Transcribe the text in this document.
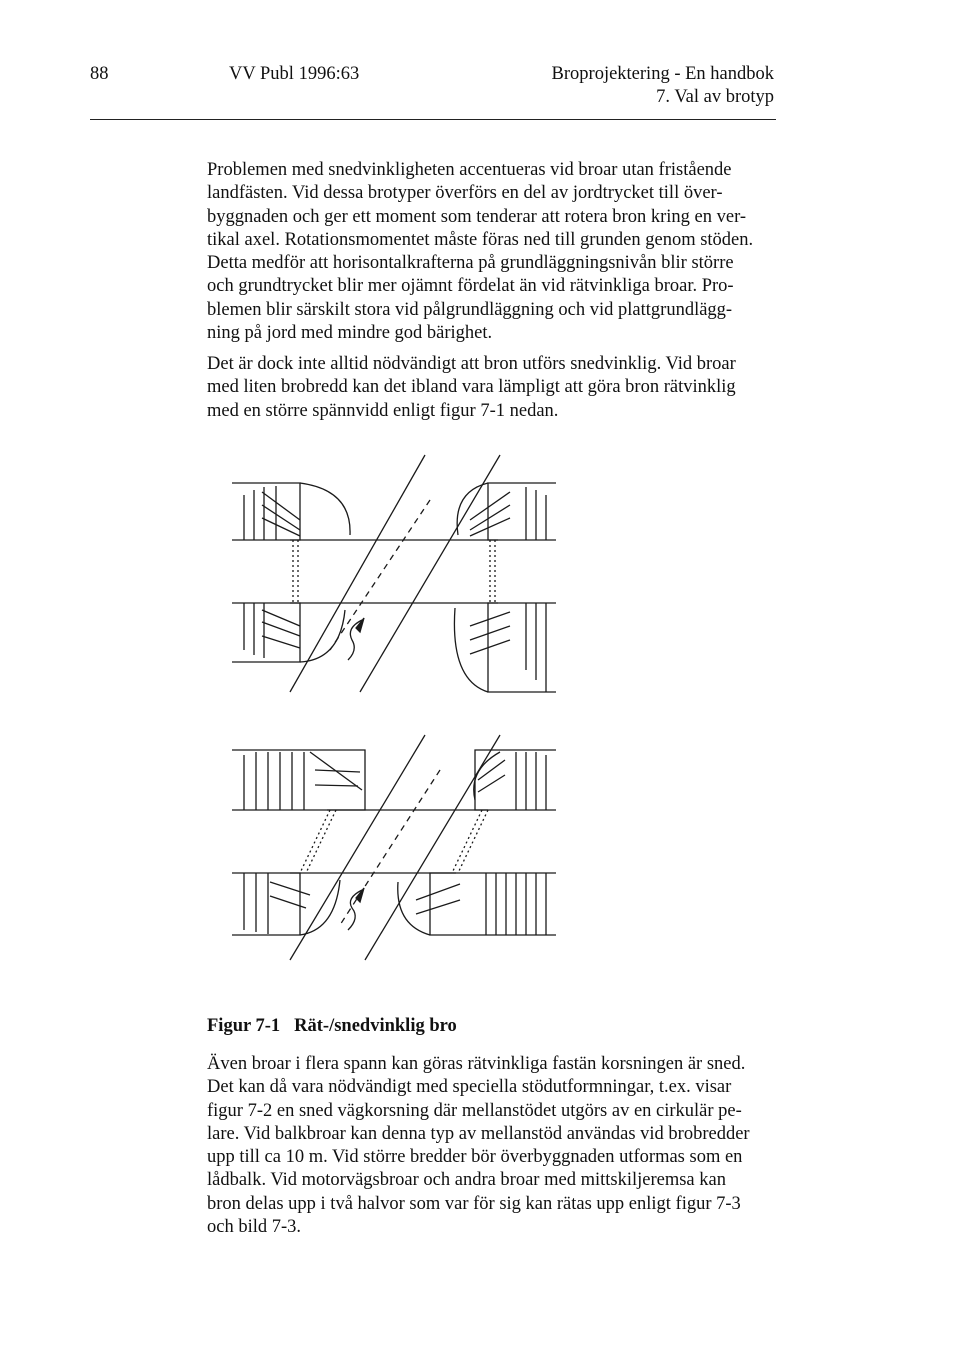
88	VV Publ 1996:63	Broprojektering - En handbok
7. Val av brotyp
Problemen med snedvinkligheten accentueras vid broar utan fristående
landfästen. Vid dessa brotyper överförs en del av jordtrycket till över-
byggnaden och ger ett moment som tenderar att rotera bron kring en ver-
tikal axel. Rotationsmomentet måste föras ned till grunden genom stöden.
Detta medför att horisontalkrafterna på grundläggningsnivån blir större
och grundtrycket blir mer ojämnt fördelat än vid rätvinkliga broar. Pro-
blemen blir särskilt stora vid pålgrundläggning och vid plattgrundlägg-
ning på jord med mindre god bärighet.
Det är dock inte alltid nödvändigt att bron utförs snedvinklig. Vid broar
med liten brobredd kan det ibland vara lämpligt att göra bron rätvinklig
med en större spännvidd enligt figur 7-1 nedan.
Figur 7-1 Rät-/snedvinklig bro
Även broar i flera spann kan göras rätvinkliga fastän korsningen är sned.
Det kan då vara nödvändigt med speciella stödutformningar, t.ex. visar
figur 7-2 en sned vägkorsning där mellanstödet utgörs av en cirkulär pe-
lare. Vid balkbroar kan denna typ av mellanstöd användas vid brobredder
upp till ca 10 m. Vid större bredder bör överbyggnaden utformas som en
lådbalk. Vid motorvägsbroar och andra broar med mittskiljeremsa kan
bron delas upp i två halvor som var för sig kan rätas upp enligt figur 7-3
och bild 7-3.
